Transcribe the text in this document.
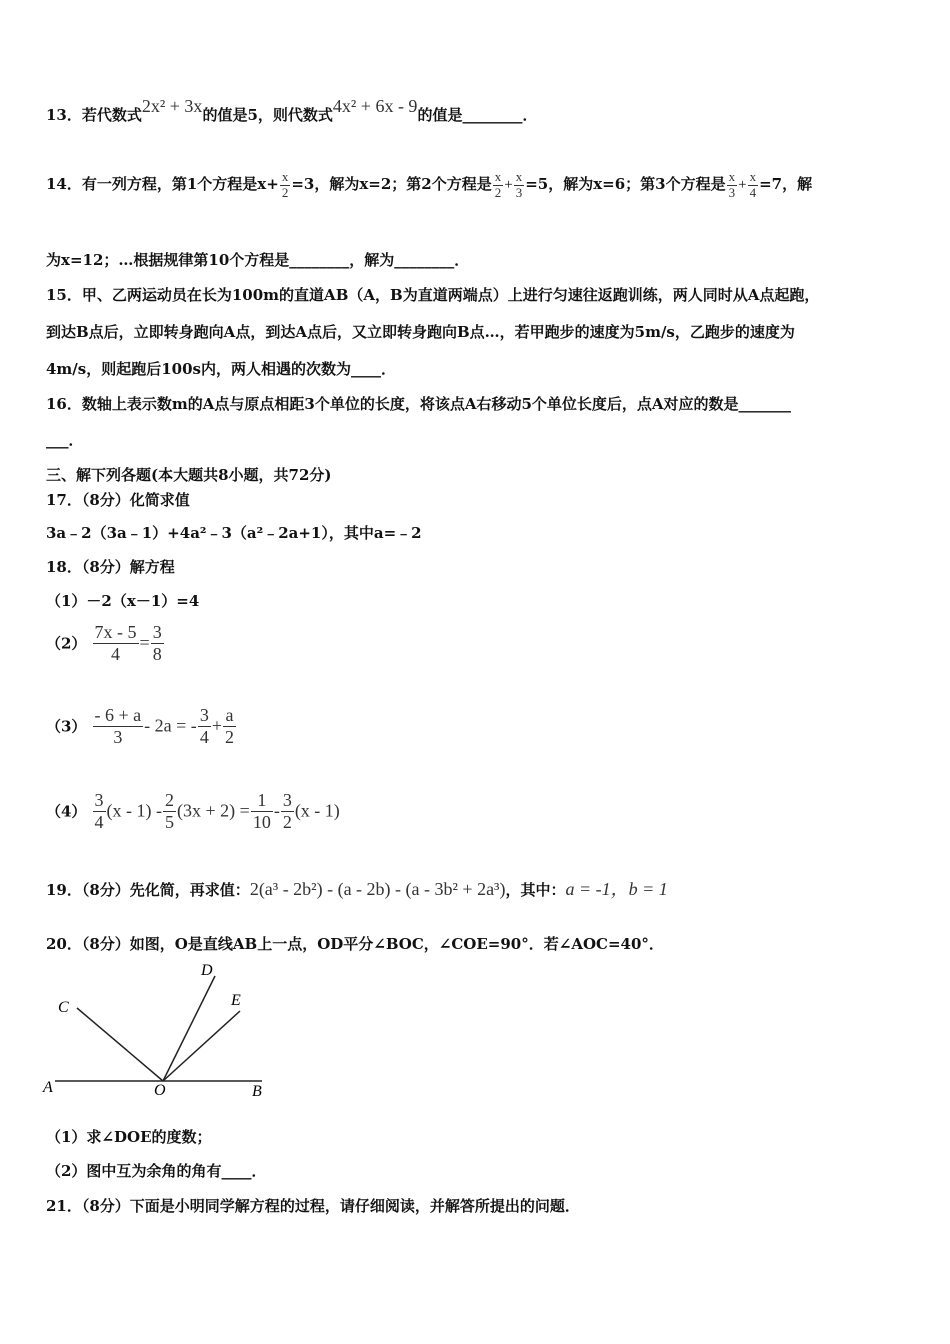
13．若代数式2x² + 3x的值是5，则代数式4x² + 6x - 9的值是________．
14．有一列方程，第1个方程是$x+ \frac{x}{2} =3$，解为x=2；第2个方程是 $\frac{x}{2} + \frac{x}{3} =5$，解为x=6；第3个方程是 $\frac{x}{3} + \frac{x}{4} =7$，解
为x=12；…根据规律第10个方程是________，解为________．
15．甲、乙两运动员在长为100m的直道AB（A，B为直道两端点）上进行匀速往返跑训练，两人同时从A点起跑，
到达B点后，立即转身跑向A点，到达A点后，又立即转身跑向B点…，若甲跑步的速度为5m/s，乙跑步的速度为
4m/s，则起跑后100s内，两人相遇的次数为____．
16．数轴上表示数m的A点与原点相距3个单位的长度，将该点A右移动5个单位长度后，点A对应的数是_______
___．
三、解下列各题(本大题共8小题，共72分)
17．（8分）化简求值
3a﹣2（3a﹣1）+4a²﹣3（a²﹣2a+1），其中a=﹣2
18．（8分）解方程
（1）－2（x－1）=4
$(2) \frac{7x - 5}{4} = \frac{3}{8}$
$(3) \frac{- 6 + a}{3} - 2a$ = - $\frac{3}{4} + \frac{a}{2}$
$(4) \frac{3}{4} (x - 1) - \frac{2}{5} (3x + 2) = \frac{1}{10} - \frac{3}{2} (x - 1)$
19．（8分）先化简，再求值：2(a³ - 2b²) - (a - 2b) - (a - 3b² + 2a³)，其中：a = -1，b = 1
20．（8分）如图，O是直线AB上一点，OD平分∠BOC，∠COE=90°．若∠AOC=40°．
A	B
C
D
E
O
（1）求∠DOE的度数；
（2）图中互为余角的角有____．
21．（8分）下面是小明同学解方程的过程，请仔细阅读，并解答所提出的问题．
